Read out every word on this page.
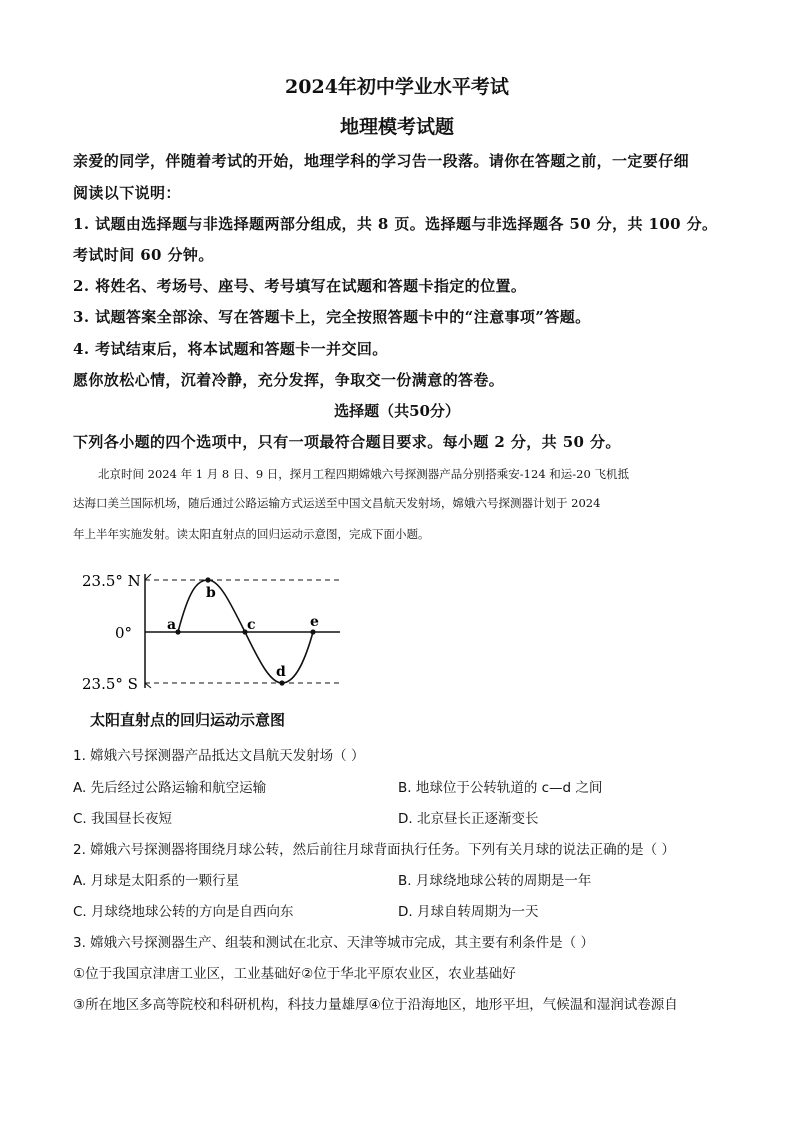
2024年初中学业水平考试
地理模考试题
亲爱的同学，伴随着考试的开始，地理学科的学习告一段落。请你在答题之前，一定要仔细
阅读以下说明：
1. 试题由选择题与非选择题两部分组成，共 8 页。选择题与非选择题各 50 分，共 100 分。
考试时间 60 分钟。
2. 将姓名、考场号、座号、考号填写在试题和答题卡指定的位置。
3. 试题答案全部涂、写在答题卡上，完全按照答题卡中的“注意事项”答题。
4. 考试结束后，将本试题和答题卡一并交回。
愿你放松心情，沉着冷静，充分发挥，争取交一份满意的答卷。
选择题（共50分）
下列各小题的四个选项中，只有一项最符合题目要求。每小题 2 分，共 50 分。
北京时间 2024 年 1 月 8 日、9 日，探月工程四期嫦娥六号探测器产品分别搭乘安-124 和运-20 飞机抵
达海口美兰国际机场，随后通过公路运输方式运送至中国文昌航天发射场，嫦娥六号探测器计划于 2024
年上半年实施发射。读太阳直射点的回归运动示意图，完成下面小题。
23.5° N
0°
23.5° S
a
b
c
d
e
太阳直射点的回归运动示意图
1. 嫦娥六号探测器产品抵达文昌航天发射场（ ）
A. 先后经过公路运输和航空运输	B. 地球位于公转轨道的 c—d 之间
C. 我国昼长夜短	D. 北京昼长正逐渐变长
2. 嫦娥六号探测器将围绕月球公转，然后前往月球背面执行任务。下列有关月球的说法正确的是（ ）
A. 月球是太阳系的一颗行星	B. 月球绕地球公转的周期是一年
C. 月球绕地球公转的方向是自西向东	D. 月球自转周期为一天
3. 嫦娥六号探测器生产、组装和测试在北京、天津等城市完成，其主要有利条件是（ ）
①位于我国京津唐工业区，工业基础好②位于华北平原农业区，农业基础好
③所在地区多高等院校和科研机构，科技力量雄厚④位于沿海地区，地形平坦，气候温和湿润试卷源自
